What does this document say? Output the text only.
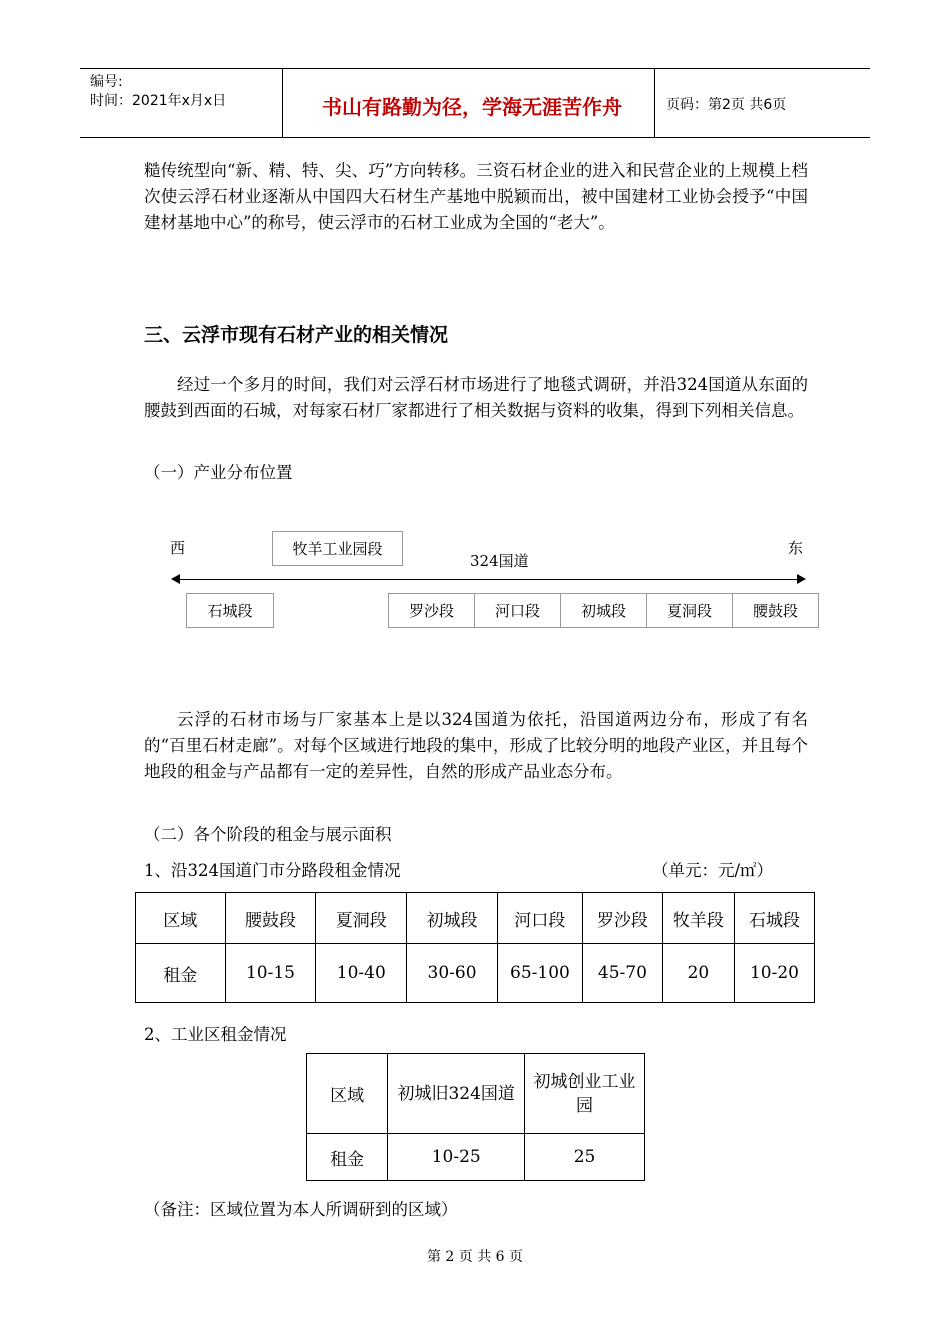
编号:
时间：2021年x月x日	书山有路勤为径，学海无涯苦作舟	页码：第2页 共6页
糙传统型向“新、精、特、尖、巧”方向转移。三资石材企业的进入和民营企业的上规模上档次使云浮石材业逐渐从中国四大石材生产基地中脱颖而出，被中国建材工业协会授予“中国建材基地中心”的称号，使云浮市的石材工业成为全国的“老大”。
三、云浮市现有石材产业的相关情况
经过一个多月的时间，我们对云浮石材市场进行了地毯式调研，并沿324国道从东面的腰鼓到西面的石城，对每家石材厂家都进行了相关数据与资料的收集，得到下列相关信息。
（一）产业分布位置
西	东
牧羊工业园段
324国道
石城段	罗沙段	河口段	初城段	夏洞段	腰鼓段
云浮的石材市场与厂家基本上是以324国道为依托，沿国道两边分布，形成了有名的“百里石材走廊”。对每个区域进行地段的集中，形成了比较分明的地段产业区，并且每个地段的租金与产品都有一定的差异性，自然的形成产品业态分布。
（二）各个阶段的租金与展示面积
1、沿324国道门市分路段租金情况	（单元：元/㎡）
区域	腰鼓段	夏洞段	初城段	河口段	罗沙段	牧羊段	石城段
租金	10-15	10-40	30-60	65-100	45-70	20	10-20
2、工业区租金情况
区域	初城旧324国道	初城创业工业园
租金	10-25	25
（备注：区域位置为本人所调研到的区域）
第 2 页 共 6 页
